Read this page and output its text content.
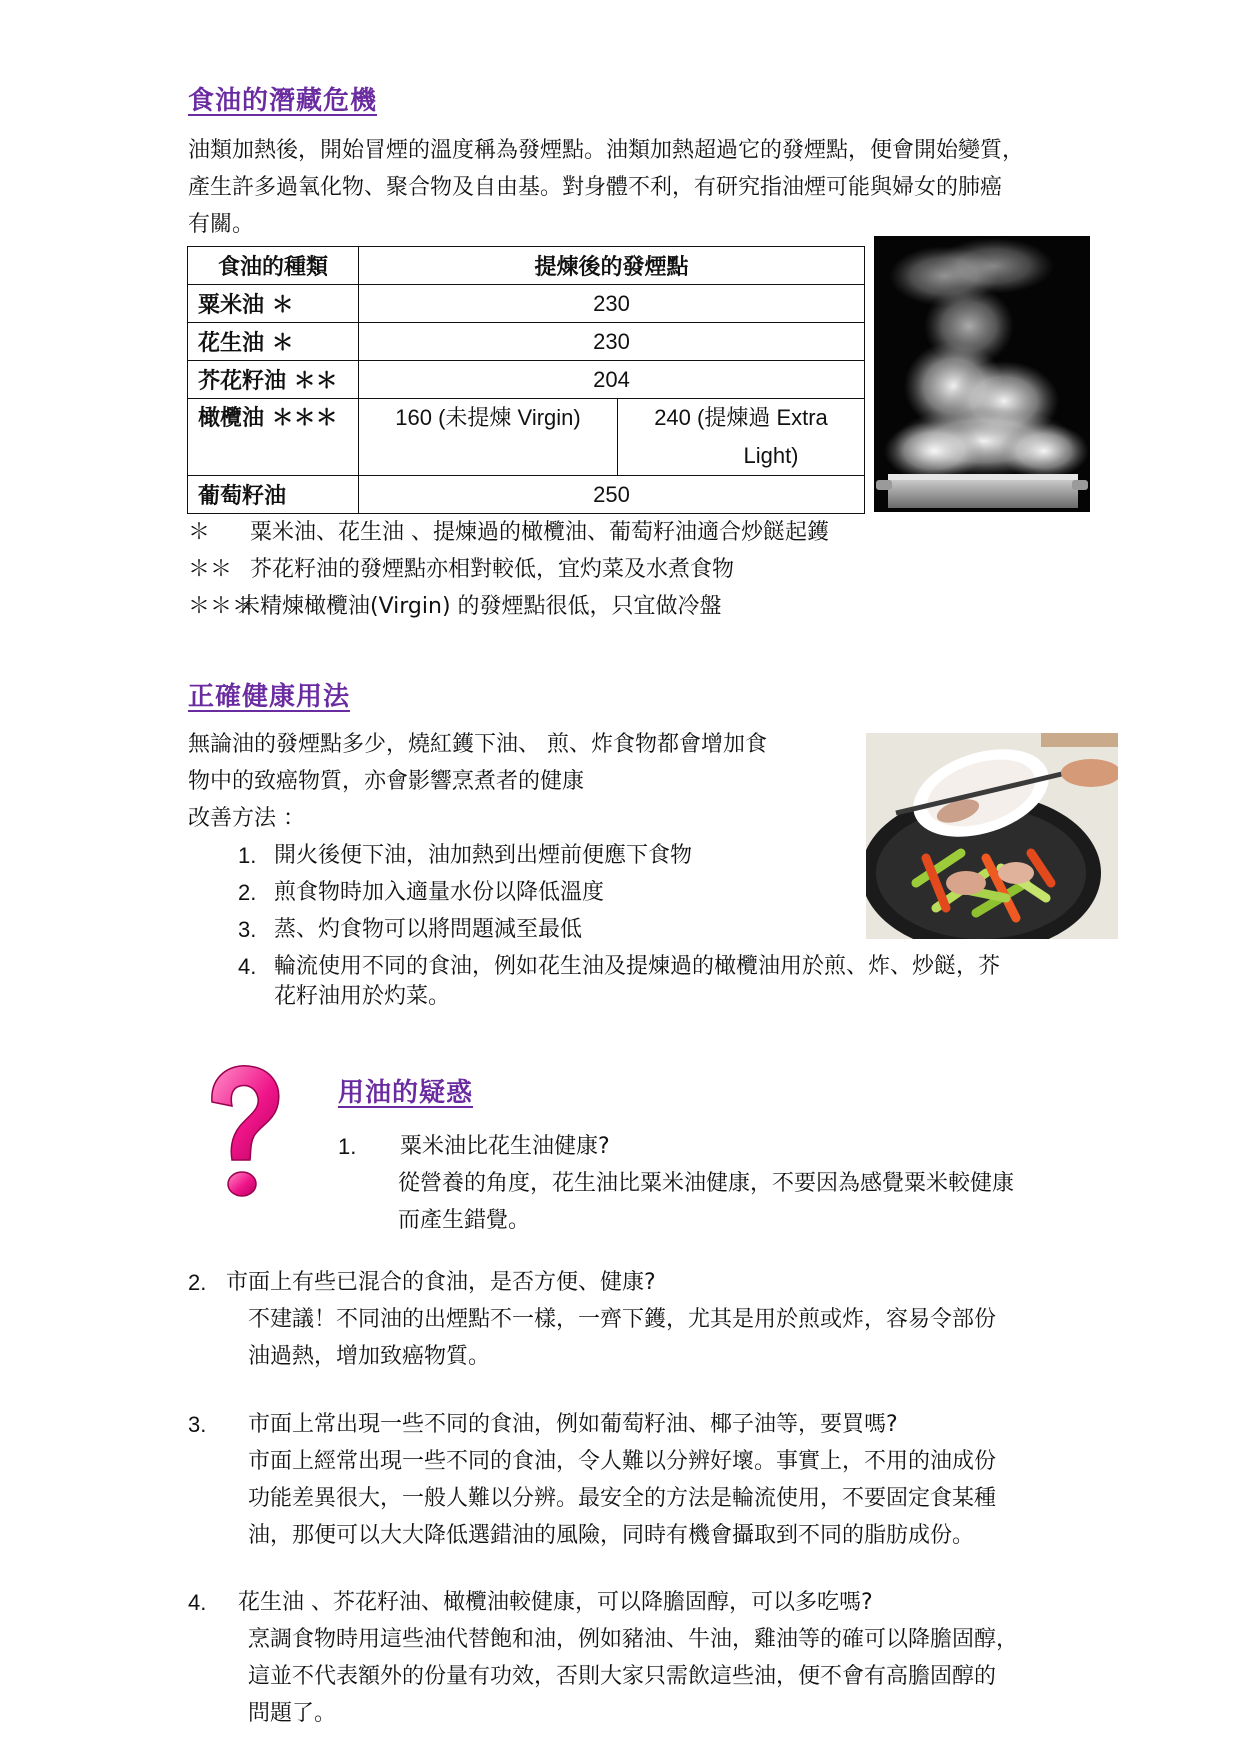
食油的潛藏危機
油類加熱後，開始冒煙的溫度稱為發煙點。油類加熱超過它的發煙點，便會開始變質，
產生許多過氧化物、聚合物及自由基。對身體不利，有研究指油煙可能與婦女的肺癌
有關。
食油的種類	提煉後的發煙點	
粟米油 ＊	230	
花生油 ＊	230	
芥花籽油 ＊＊	204	
橄欖油 ＊＊＊	160 (未提煉 Virgin)	240 (提煉過 Extra
Light)

葡萄籽油	250	
＊ 粟米油、花生油 、提煉過的橄欖油、葡萄籽油適合炒餸起鑊
＊＊ 芥花籽油的發煙點亦相對較低，宜灼菜及水煮食物
＊＊＊
未精煉橄欖油(Virgin) 的發煙點很低，只宜做冷盤
正確健康用法
無論油的發煙點多少，燒紅鑊下油、 煎、炸食物都會增加食
物中的致癌物質，亦會影響烹煮者的健康
改善方法 ：
1. 開火後便下油，油加熱到出煙前便應下食物
2. 煎食物時加入適量水份以降低溫度
3. 蒸、灼食物可以將問題減至最低
4. 輪流使用不同的食油，例如花生油及提煉過的橄欖油用於煎、炸、炒餸，芥
花籽油用於灼菜。
用油的疑惑
1.	粟米油比花生油健康?
從營養的角度，花生油比粟米油健康，不要因為感覺粟米較健康
而產生錯覺。
2. 市面上有些已混合的食油，是否方便、健康?
不建議！不同油的出煙點不一樣，一齊下鑊，尤其是用於煎或炸，容易令部份
油過熱，增加致癌物質。
3.	市面上常出現一些不同的食油，例如葡萄籽油、椰子油等，要買嗎?
市面上經常出現一些不同的食油，令人難以分辨好壞。事實上，不用的油成份
功能差異很大，一般人難以分辨。最安全的方法是輪流使用，不要固定食某種
油，那便可以大大降低選錯油的風險，同時有機會攝取到不同的脂肪成份。
4.	花生油 、芥花籽油、橄欖油較健康，可以降膽固醇，可以多吃嗎?
烹調食物時用這些油代替飽和油，例如豬油、牛油，雞油等的確可以降膽固醇，
這並不代表額外的份量有功效，否則大家只需飲這些油，便不會有高膽固醇的
問題了。
